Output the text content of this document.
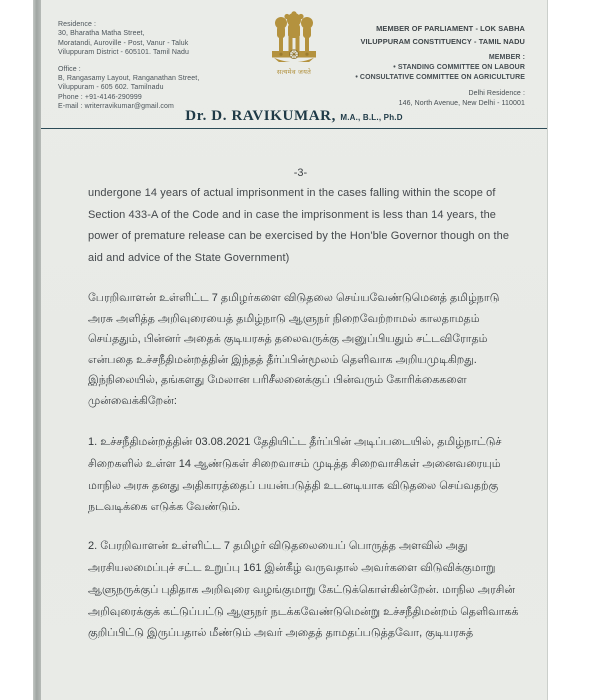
Residence :
30, Bharatha Matha Street,
Moratandi, Auroville - Post, Vanur - Taluk
Viluppuram District - 605101. Tamil Nadu
Office :
B, Rangasamy Layout, Ranganathan Street,
Viluppuram - 605 602. Tamilnadu
Phone : +91-4146-290999
E-mail : writerravikumar@gmail.com
सत्यमेव जयते
MEMBER OF PARLIAMENT - LOK SABHA
VILUPPURAM CONSTITUENCY - TAMIL NADU
MEMBER :
• STANDING COMMITTEE ON LABOUR
• CONSULTATIVE COMMITTEE ON AGRICULTURE
Delhi Residence :
146, North Avenue, New Delhi - 110001
Dr. D. RAVIKUMAR, M.A., B.L., Ph.D
-3-
undergone 14 years of actual imprisonment in the cases falling within the scope of
Section 433-A of the Code and in case the imprisonment is less than 14 years, the
power of premature release can be exercised by the Hon'ble Governor though on the
aid and advice of the State Government)
பேரறிவாளன் உள்ளிட்ட 7 தமிழர்களை விடுதலை செய்யவேண்டுமெனத் தமிழ்நாடு
அரசு அளித்த அறிவுரையைத் தமிழ்நாடு ஆளுநர் நிறைவேற்றாமல் காலதாமதம்
செய்ததும், பின்னர் அதைக் குடியரசுத் தலைவருக்கு அனுப்பியதும் சட்டவிரோதம்
என்பதை உச்சநீதிமன்றத்தின் இந்தத் தீர்ப்பின்மூலம் தெளிவாக அறியமுடிகிறது.
இந்நிலையில், தங்களது மேலான பரிசீலனைக்குப் பின்வரும் கோரிக்கைகளை
முன்வைக்கிறேன்:
1. உச்சநீதிமன்றத்தின் 03.08.2021 தேதியிட்ட தீர்ப்பின் அடிப்படையில், தமிழ்நாட்டுச்
சிறைகளில் உள்ள 14 ஆண்டுகள் சிறைவாசம் முடித்த சிறைவாசிகள் அனைவரையும்
மாநில அரசு தனது அதிகாரத்தைப் பயன்படுத்தி உடனடியாக விடுதலை செய்வதற்கு
நடவடிக்கை எடுக்க வேண்டும்.
2. பேரறிவாளன் உள்ளிட்ட 7 தமிழர் விடுதலையைப் பொருத்த அளவில் அது
அரசியலமைப்புச் சட்ட உறுப்பு 161 இன்கீழ் வருவதால் அவர்களை விடுவிக்குமாறு
ஆளுநருக்குப் புதிதாக அறிவுரை வழங்குமாறு கேட்டுக்கொள்கின்றேன். மாநில அரசின்
அறிவுரைக்குக் கட்டுப்பட்டு ஆளுநர் நடக்கவேண்டுமென்று உச்சநீதிமன்றம் தெளிவாகக்
குறிப்பிட்டு இருப்பதால் மீண்டும் அவர் அதைத் தாமதப்படுத்தவோ, குடியரசுத்
